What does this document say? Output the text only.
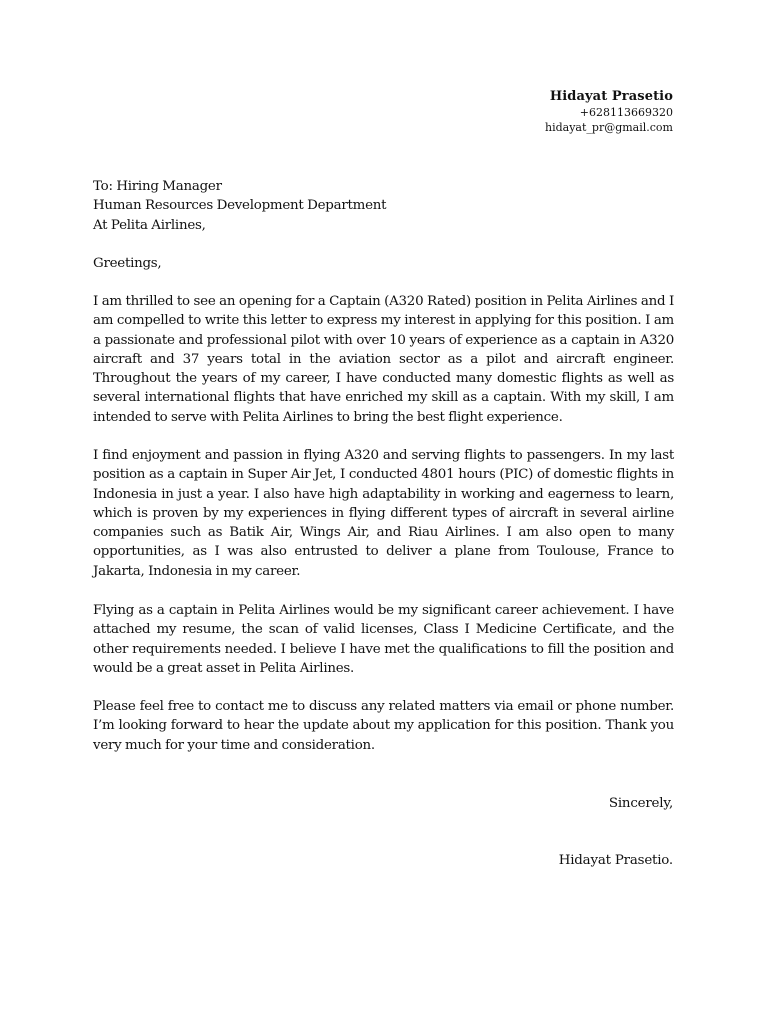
Hidayat Prasetio
+628113669320
hidayat_pr@gmail.com

To: Hiring Manager
Human Resources Development Department
At Pelita Airlines,

Greetings,

I am thrilled to see an opening for a Captain (A320 Rated) position in Pelita Airlines and I am compelled to write this letter to express my interest in applying for this position. I am a passionate and professional pilot with over 10 years of experience as a captain in A320 aircraft and 37 years total in the aviation sector as a pilot and aircraft engineer. Throughout the years of my career, I have conducted many domestic flights as well as several international flights that have enriched my skill as a captain. With my skill, I am intended to serve with Pelita Airlines to bring the best flight experience.

I find enjoyment and passion in flying A320 and serving flights to passengers. In my last position as a captain in Super Air Jet, I conducted 4801 hours (PIC) of domestic flights in Indonesia in just a year. I also have high adaptability in working and eagerness to learn, which is proven by my experiences in flying different types of aircraft in several airline companies such as Batik Air, Wings Air, and Riau Airlines. I am also open to many opportunities, as I was also entrusted to deliver a plane from Toulouse, France to Jakarta, Indonesia in my career.

Flying as a captain in Pelita Airlines would be my significant career achievement. I have attached my resume, the scan of valid licenses, Class I Medicine Certificate, and the other requirements needed. I believe I have met the qualifications to fill the position and would be a great asset in Pelita Airlines.

Please feel free to contact me to discuss any related matters via email or phone number. I’m looking forward to hear the update about my application for this position. Thank you very much for your time and consideration.

Sincerely,
Hidayat Prasetio.
